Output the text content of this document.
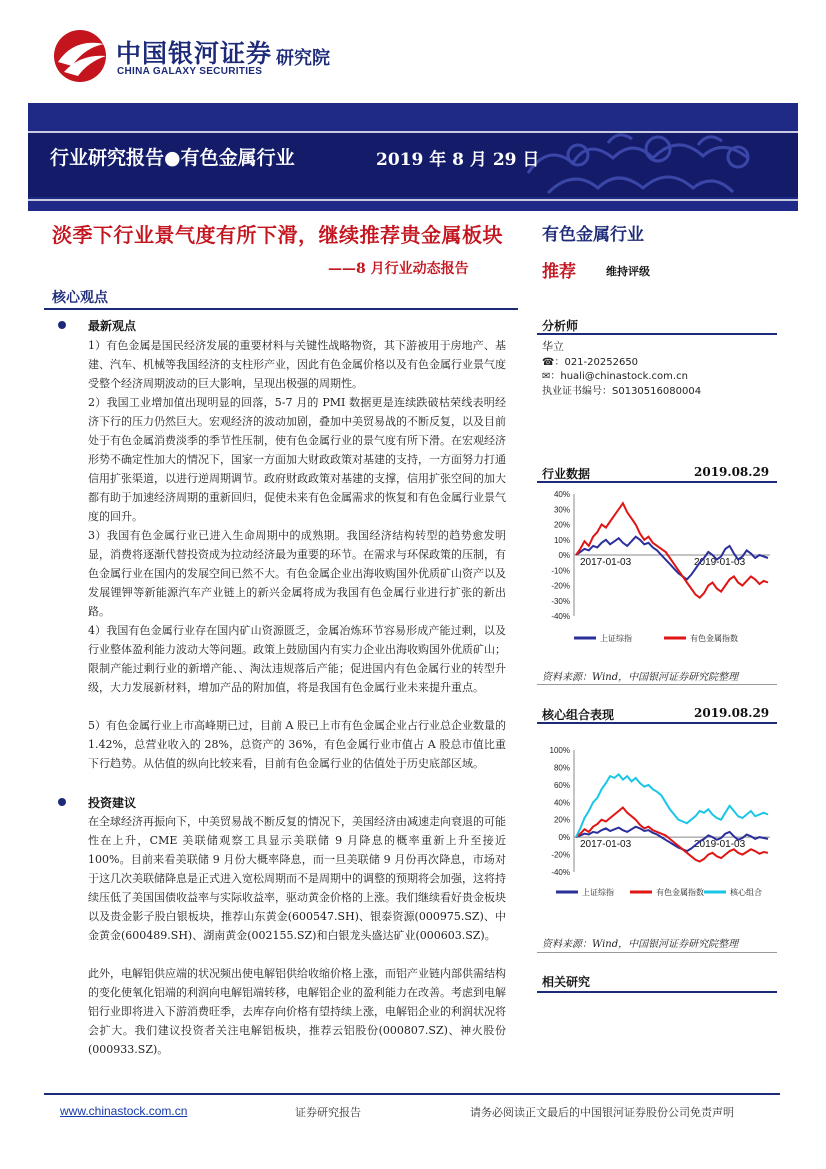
中国银河证券
CHINA GALAXY SECURITIES
研究院
行业研究报告●有色金属行业	2019 年 8 月 29 日
淡季下行业景气度有所下滑，继续推荐贵金属板块
——8 月行业动态报告
核心观点
最新观点
1）有色金属是国民经济发展的重要材料与关键性战略物资，其下游被用于房地产、基建、汽车、机械等我国经济的支柱形产业，因此有色金属价格以及有色金属行业景气度受整个经济周期波动的巨大影响，呈现出极强的周期性。
2）我国工业增加值出现明显的回落，5-7 月的 PMI 数据更是连续跌破枯荣线表明经济下行的压力仍然巨大。宏观经济的波动加剧，叠加中美贸易战的不断反复，以及目前处于有色金属消费淡季的季节性压制，使有色金属行业的景气度有所下滑。在宏观经济形势不确定性加大的情况下，国家一方面加大财政政策对基建的支持，一方面努力打通信用扩张渠道，以进行逆周期调节。政府财政政策对基建的支撑，信用扩张空间的加大都有助于加速经济周期的重新回归，促使未来有色金属需求的恢复和有色金属行业景气度的回升。
3）我国有色金属行业已进入生命周期中的成熟期。我国经济结构转型的趋势愈发明显，消费将逐渐代替投资成为拉动经济最为重要的环节。在需求与环保政策的压制，有色金属行业在国内的发展空间已然不大。有色金属企业出海收购国外优质矿山资产以及发展锂钾等新能源汽车产业链上的新兴金属将成为我国有色金属行业进行扩张的新出路。
4）我国有色金属行业存在国内矿山资源匮乏，金属冶炼环节容易形成产能过剩，以及行业整体盈利能力波动大等问题。政策上鼓励国内有实力企业出海收购国外优质矿山；限制产能过剩行业的新增产能、、淘汰违规落后产能；促进国内有色金属行业的转型升级，大力发展新材料，增加产品的附加值，将是我国有色金属行业未来提升重点。
5）有色金属行业上市高峰期已过，目前 A 股已上市有色金属企业占行业总企业数量的 1.42%，总营业收入的 28%，总资产的 36%，有色金属行业市值占 A 股总市值比重下行趋势。从估值的纵向比较来看，目前有色金属行业的估值处于历史底部区域。
投资建议
在全球经济再振向下，中美贸易战不断反复的情况下，美国经济由减速走向衰退的可能性在上升，CME 美联储观察工具显示美联储 9 月降息的概率重新上升至接近 100%。目前来看美联储 9 月份大概率降息，而一旦美联储 9 月份再次降息，市场对于这几次美联储降息是正式进入宽松周期而不是周期中的调整的预期将会加强，这将持续压低了美国国债收益率与实际收益率，驱动黄金价格的上涨。我们继续看好贵金板块以及贵金影子股白银板块，推荐山东黄金(600547.SH)、银泰资源(000975.SZ)、中金黄金(600489.SH)、湖南黄金(002155.SZ)和白银龙头盛达矿业(000603.SZ)。
此外，电解铝供应端的状况频出使电解铝供给收缩价格上涨，而铝产业链内部供需结构的变化使氧化铝端的利润向电解铝端转移，电解铝企业的盈利能力在改善。考虑到电解铝行业即将进入下游消费旺季，去库存向价格有望持续上涨，电解铝企业的利润状况将会扩大。我们建议投资者关注电解铝板块，推荐云铝股份(000807.SZ)、神火股份(000933.SZ)。
有色金属行业
推荐	维持评级
分析师
华立
☎：021-20252650
✉：huali@chinastock.com.cn
执业证书编号：S0130516080004
行业数据	2019.08.29
40%
30%
20%
10%
0%
-10%
-20%
-30%
-40%
2017-01-03	2019-01-03
上证综指	有色金属指数
资料来源：Wind，中国银河证券研究院整理
核心组合表现	2019.08.29
100%
80%
60%
40%
20%
0%
-20%
-40%
2017-01-03	2019-01-03
上证综指	有色金属指数	核心组合
资料来源：Wind，中国银河证券研究院整理
相关研究
www.chinastock.com.cn	证券研究报告	请务必阅读正文最后的中国银河证券股份公司免责声明
